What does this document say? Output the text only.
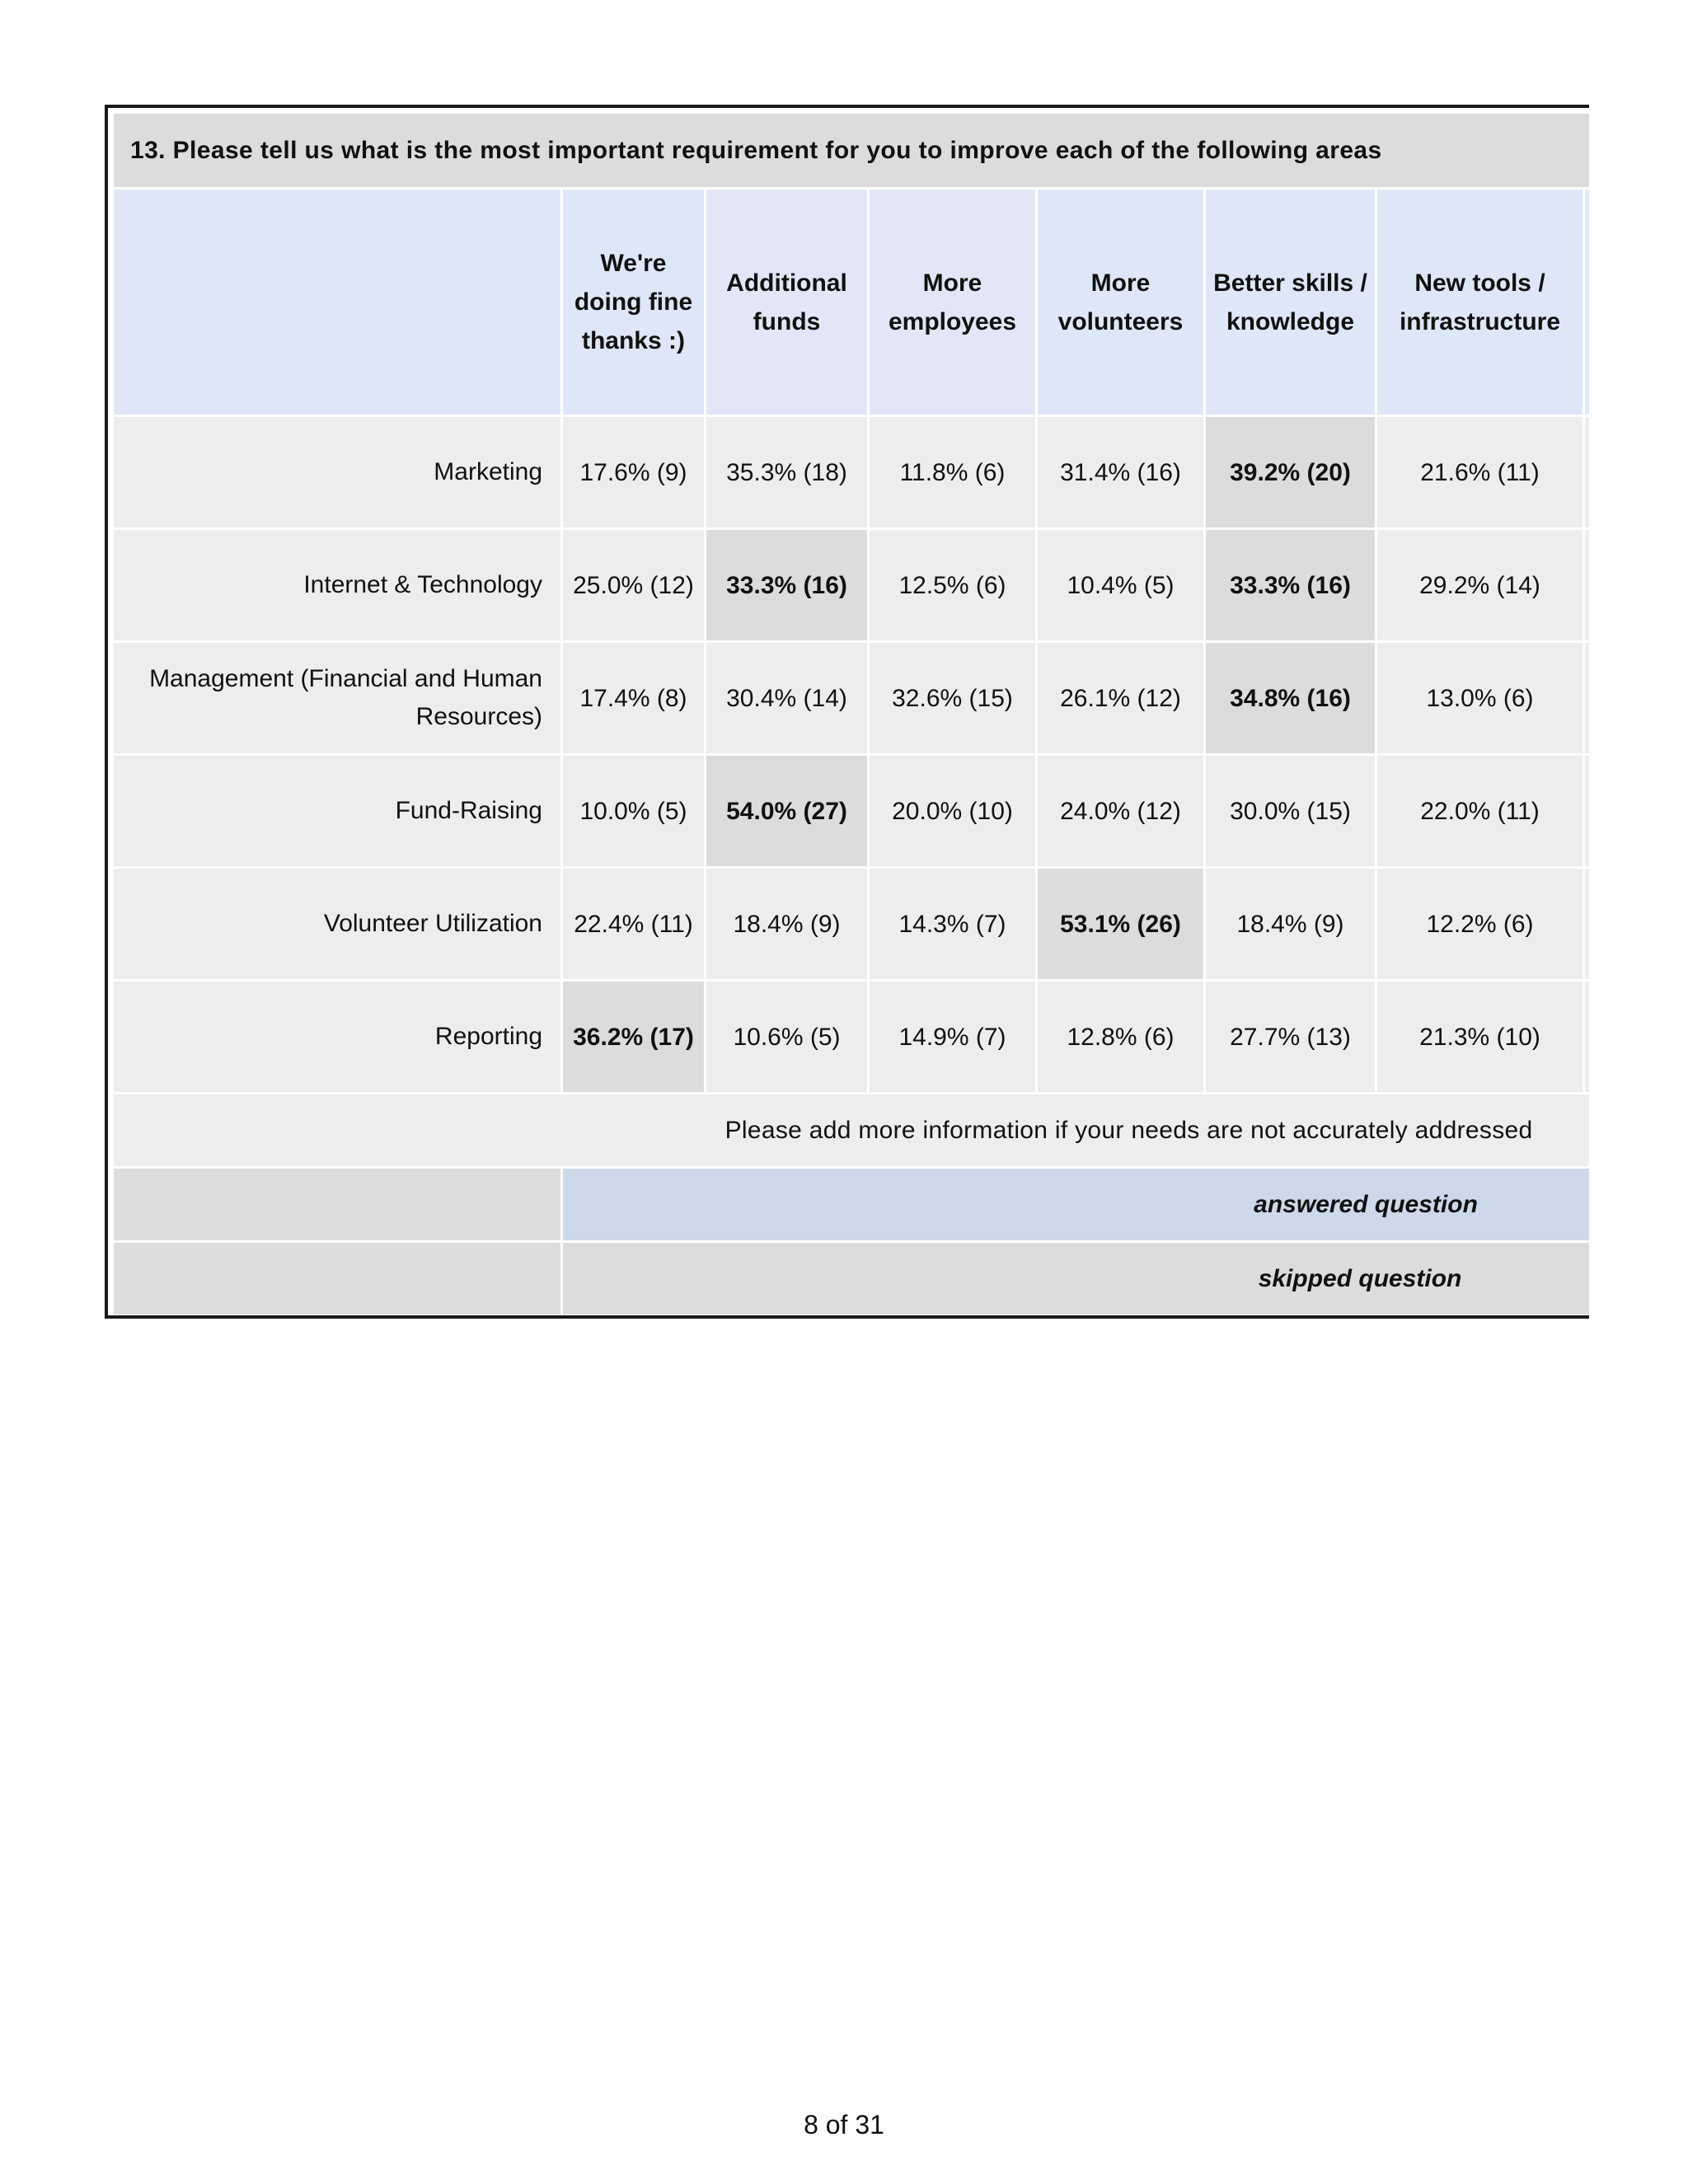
13. Please tell us what is the most important requirement for you to improve each of the following areas							
	We're doing fine thanks :)	Additional funds	More employees	More volunteers	Better skills / knowledge	New tools / infrastructure	
Marketing	17.6% (9)	35.3% (18)	11.8% (6)	31.4% (16)	39.2% (20)	21.6% (11)	
Internet & Technology	25.0% (12)	33.3% (16)	12.5% (6)	10.4% (5)	33.3% (16)	29.2% (14)	
Management (Financial and Human Resources)	17.4% (8)	30.4% (14)	32.6% (15)	26.1% (12)	34.8% (16)	13.0% (6)	
Fund-Raising	10.0% (5)	54.0% (27)	20.0% (10)	24.0% (12)	30.0% (15)	22.0% (11)	
Volunteer Utilization	22.4% (11)	18.4% (9)	14.3% (7)	53.1% (26)	18.4% (9)	12.2% (6)	
Reporting	36.2% (17)	10.6% (5)	14.9% (7)	12.8% (6)	27.7% (13)	21.3% (10)	
Please add more information if your needs are not accurately addressed							
	answered question						
	skipped question						
8 of 31
